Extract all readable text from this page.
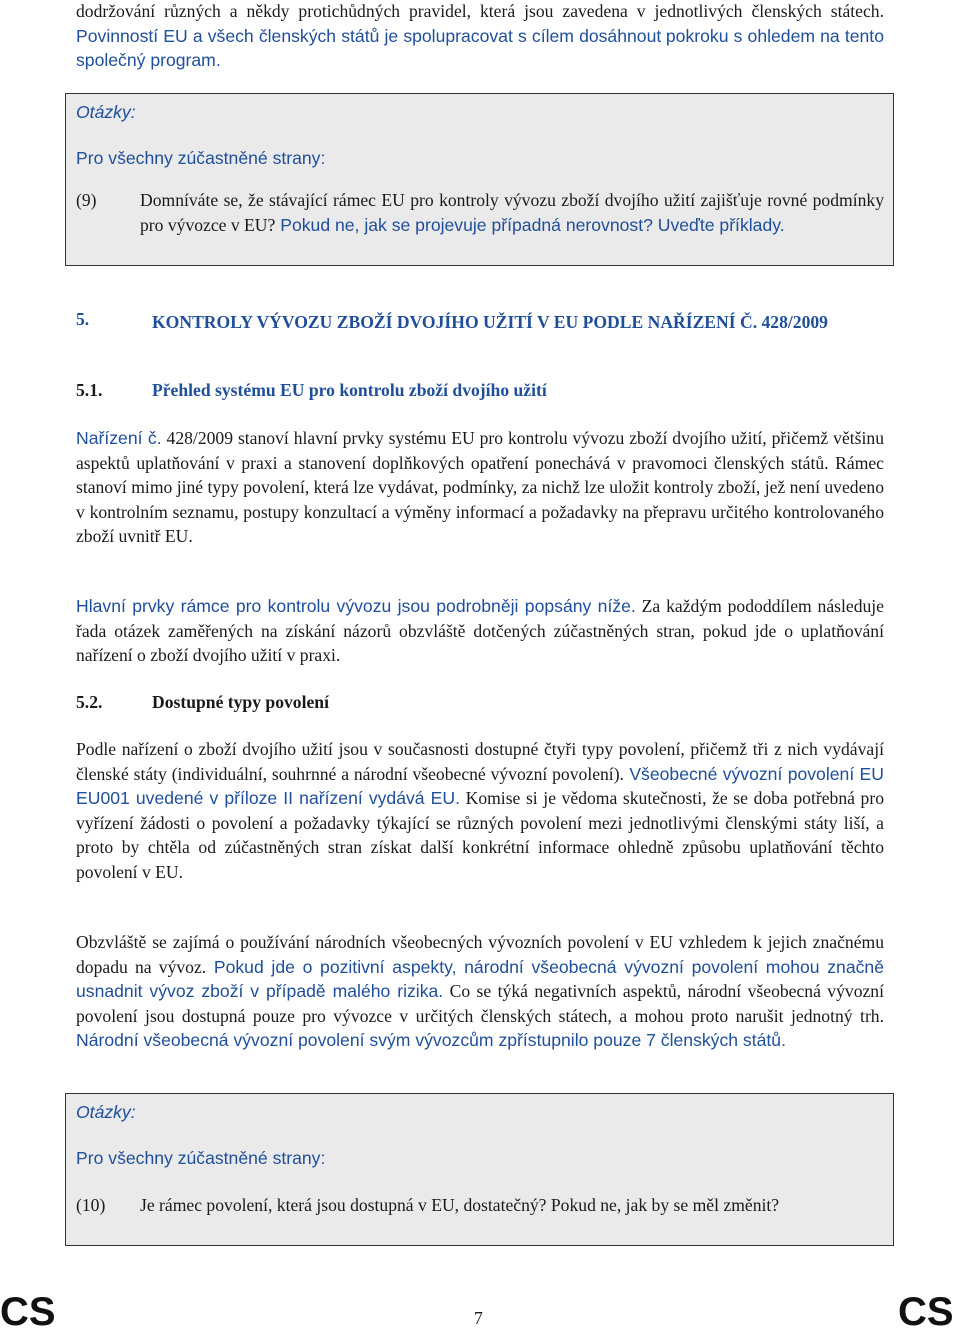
dodržování různých a někdy protichůdných pravidel, která jsou zavedena v jednotlivých členských státech. Povinností EU a všech členských států je spolupracovat s cílem dosáhnout pokroku s ohledem na tento společný program.

Otázky:

Pro všechny zúčastněné strany:

(9) Domníváte se, že stávající rámec EU pro kontroly vývozu zboží dvojího užití zajišťuje rovné podmínky pro vývozce v EU? Pokud ne, jak se projevuje případná nerovnost? Uveďte příklady.

5.	KONTROLY VÝVOZU ZBOŽÍ DVOJÍHO UŽITÍ V EU PODLE NAŘÍZENÍ Č. 428/2009

5.1.	Přehled systému EU pro kontrolu zboží dvojího užití

Nařízení č. 428/2009 stanoví hlavní prvky systému EU pro kontrolu vývozu zboží dvojího užití, přičemž většinu aspektů uplatňování v praxi a stanovení doplňkových opatření ponechává v pravomoci členských států. Rámec stanoví mimo jiné typy povolení, která lze vydávat, podmínky, za nichž lze uložit kontroly zboží, jež není uvedeno v kontrolním seznamu, postupy konzultací a výměny informací a požadavky na přepravu určitého kontrolovaného zboží uvnitř EU.

Hlavní prvky rámce pro kontrolu vývozu jsou podrobněji popsány níže. Za každým pododdílem následuje řada otázek zaměřených na získání názorů obzvláště dotčených zúčastněných stran, pokud jde o uplatňování nařízení o zboží dvojího užití v praxi.

5.2.	Dostupné typy povolení

Podle nařízení o zboží dvojího užití jsou v současnosti dostupné čtyři typy povolení, přičemž tři z nich vydávají členské státy (individuální, souhrnné a národní všeobecné vývozní povolení). Všeobecné vývozní povolení EU EU001 uvedené v příloze II nařízení vydává EU. Komise si je vědoma skutečnosti, že se doba potřebná pro vyřízení žádosti o povolení a požadavky týkající se různých povolení mezi jednotlivými členskými státy liší, a proto by chtěla od zúčastněných stran získat další konkrétní informace ohledně způsobu uplatňování těchto povolení v EU.

Obzvláště se zajímá o používání národních všeobecných vývozních povolení v EU vzhledem k jejich značnému dopadu na vývoz. Pokud jde o pozitivní aspekty, národní všeobecná vývozní povolení mohou značně usnadnit vývoz zboží v případě malého rizika. Co se týká negativních aspektů, národní všeobecná vývozní povolení jsou dostupná pouze pro vývozce v určitých členských státech, a mohou proto narušit jednotný trh. Národní všeobecná vývozní povolení svým vývozcům zpřístupnilo pouze 7 členských států.

Otázky:

Pro všechny zúčastněné strany:

(10) Je rámec povolení, která jsou dostupná v EU, dostatečný? Pokud ne, jak by se měl změnit?

CS	7	CS
